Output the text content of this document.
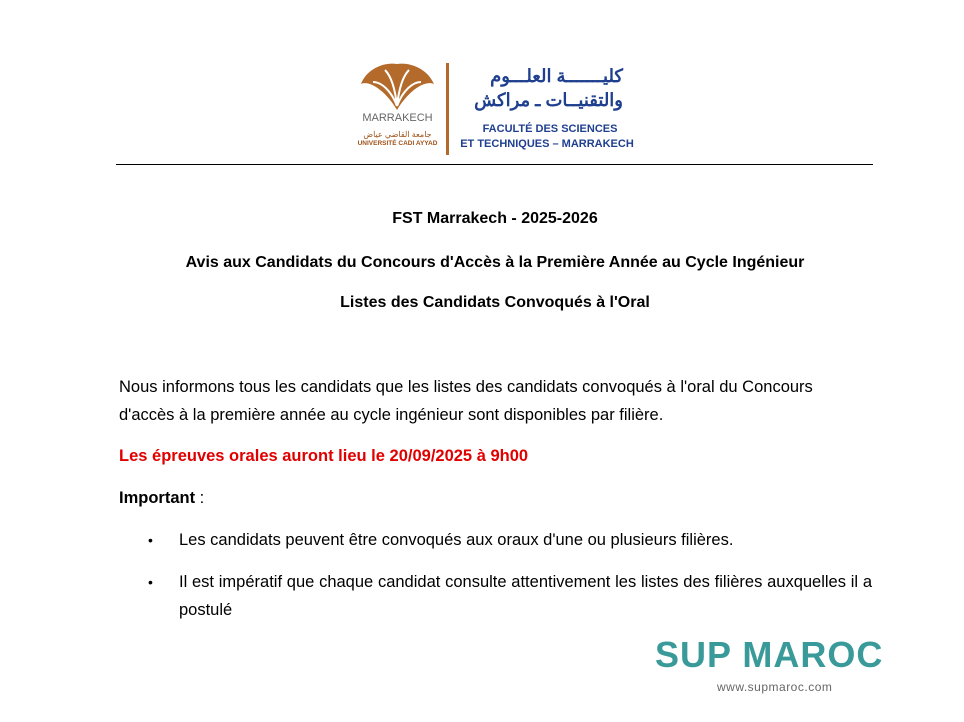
MARRAKECH
جامعة القاضي عياض
UNIVERSITÉ CADI AYYAD
كليـــــــة العلـــوم
والتقنيــات ـ مراكش
FACULTÉ DES SCIENCES
ET TECHNIQUES – MARRAKECH
FST Marrakech - 2025-2026
Avis aux Candidats du Concours d'Accès à la Première Année au Cycle Ingénieur
Listes des Candidats Convoqués à l'Oral
Nous informons tous les candidats que les listes des candidats convoqués à l'oral du Concours d'accès à la première année au cycle ingénieur sont disponibles par filière.
Les épreuves orales auront lieu le 20/09/2025 à 9h00
Important :
• Les candidats peuvent être convoqués aux oraux d'une ou plusieurs filières.
• Il est impératif que chaque candidat consulte attentivement les listes des filières auxquelles il a postulé
SUP MAROC
www.supmaroc.com
